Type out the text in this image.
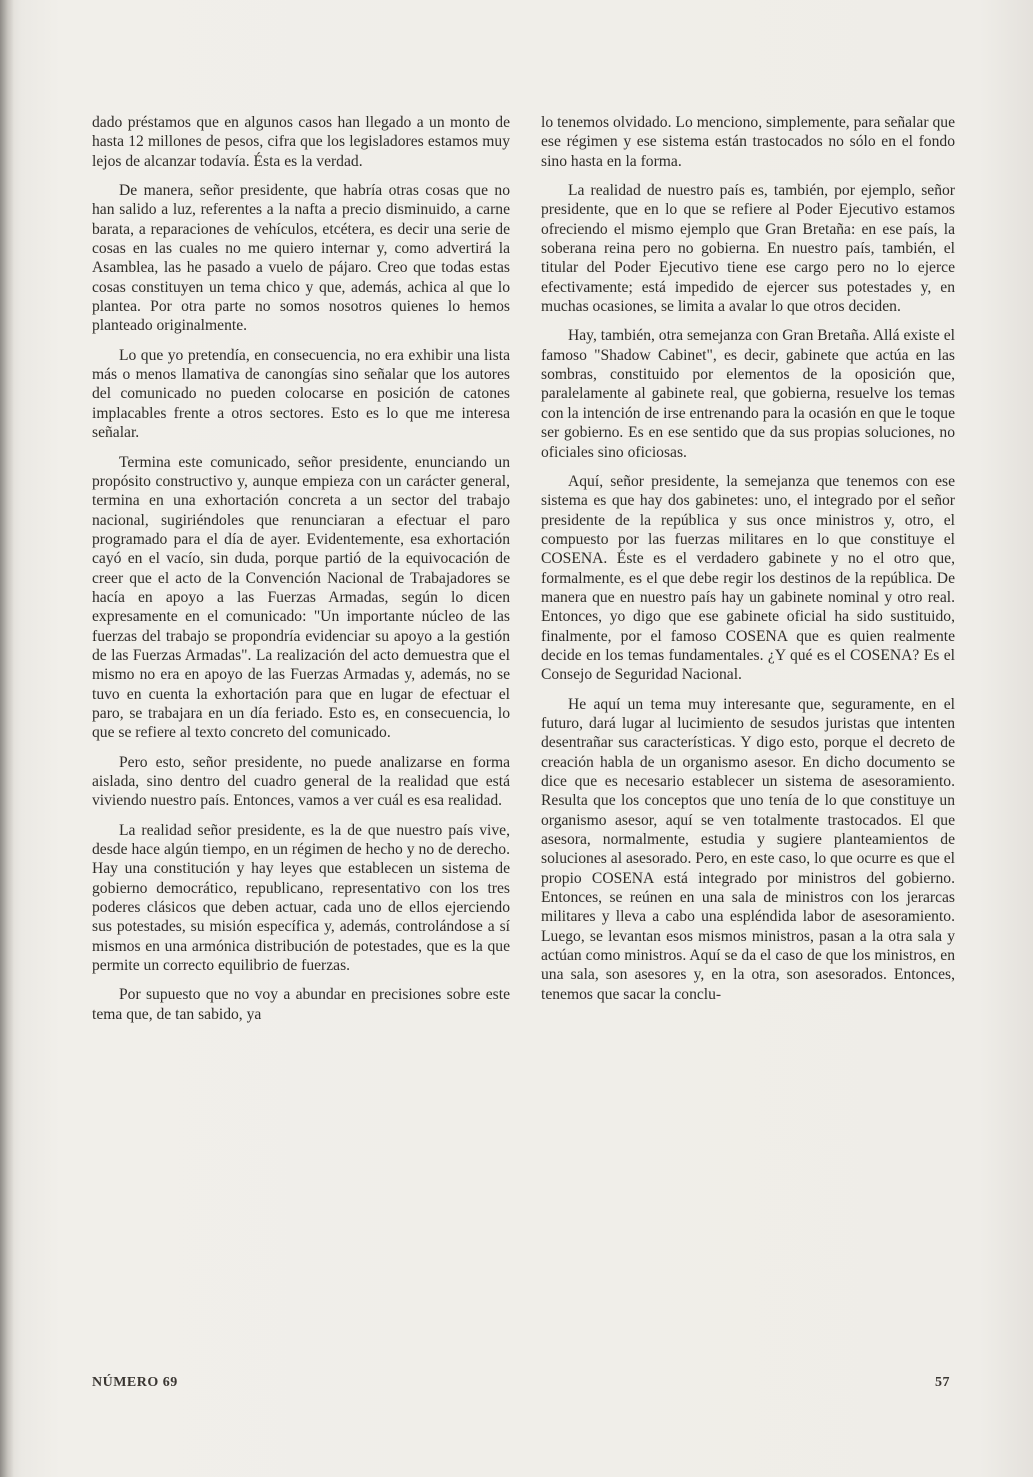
dado préstamos que en algunos casos han llegado a un monto de hasta 12 millones de pesos, cifra que los legisladores estamos muy lejos de alcanzar todavía. Ésta es la verdad.

De manera, señor presidente, que habría otras cosas que no han salido a luz, referentes a la nafta a precio disminuido, a carne barata, a reparaciones de vehículos, etcétera, es decir una serie de cosas en las cuales no me quiero internar y, como advertirá la Asamblea, las he pasado a vuelo de pájaro. Creo que todas estas cosas constituyen un tema chico y que, además, achica al que lo plantea. Por otra parte no somos nosotros quienes lo hemos planteado originalmente.

Lo que yo pretendía, en consecuencia, no era exhibir una lista más o menos llamativa de canongías sino señalar que los autores del comunicado no pueden colocarse en posición de catones implacables frente a otros sectores. Esto es lo que me interesa señalar.

Termina este comunicado, señor presidente, enunciando un propósito constructivo y, aunque empieza con un carácter general, termina en una exhortación concreta a un sector del trabajo nacional, sugiriéndoles que renunciaran a efectuar el paro programado para el día de ayer. Evidentemente, esa exhortación cayó en el vacío, sin duda, porque partió de la equivocación de creer que el acto de la Convención Nacional de Trabajadores se hacía en apoyo a las Fuerzas Armadas, según lo dicen expresamente en el comunicado: "Un importante núcleo de las fuerzas del trabajo se propondría evidenciar su apoyo a la gestión de las Fuerzas Armadas". La realización del acto demuestra que el mismo no era en apoyo de las Fuerzas Armadas y, además, no se tuvo en cuenta la exhortación para que en lugar de efectuar el paro, se trabajara en un día feriado. Esto es, en consecuencia, lo que se refiere al texto concreto del comunicado.

Pero esto, señor presidente, no puede analizarse en forma aislada, sino dentro del cuadro general de la realidad que está viviendo nuestro país. Entonces, vamos a ver cuál es esa realidad.

La realidad señor presidente, es la de que nuestro país vive, desde hace algún tiempo, en un régimen de hecho y no de derecho. Hay una constitución y hay leyes que establecen un sistema de gobierno democrático, republicano, representativo con los tres poderes clásicos que deben actuar, cada uno de ellos ejerciendo sus potestades, su misión específica y, además, controlándose a sí mismos en una armónica distribución de potestades, que es la que permite un correcto equilibrio de fuerzas.

Por supuesto que no voy a abundar en precisiones sobre este tema que, de tan sabido, ya

lo tenemos olvidado. Lo menciono, simplemente, para señalar que ese régimen y ese sistema están trastocados no sólo en el fondo sino hasta en la forma.

La realidad de nuestro país es, también, por ejemplo, señor presidente, que en lo que se refiere al Poder Ejecutivo estamos ofreciendo el mismo ejemplo que Gran Bretaña: en ese país, la soberana reina pero no gobierna. En nuestro país, también, el titular del Poder Ejecutivo tiene ese cargo pero no lo ejerce efectivamente; está impedido de ejercer sus potestades y, en muchas ocasiones, se limita a avalar lo que otros deciden.

Hay, también, otra semejanza con Gran Bretaña. Allá existe el famoso "Shadow Cabinet", es decir, gabinete que actúa en las sombras, constituido por elementos de la oposición que, paralelamente al gabinete real, que gobierna, resuelve los temas con la intención de irse entrenando para la ocasión en que le toque ser gobierno. Es en ese sentido que da sus propias soluciones, no oficiales sino oficiosas.

Aquí, señor presidente, la semejanza que tenemos con ese sistema es que hay dos gabinetes: uno, el integrado por el señor presidente de la república y sus once ministros y, otro, el compuesto por las fuerzas militares en lo que constituye el COSENA. Éste es el verdadero gabinete y no el otro que, formalmente, es el que debe regir los destinos de la república. De manera que en nuestro país hay un gabinete nominal y otro real. Entonces, yo digo que ese gabinete oficial ha sido sustituido, finalmente, por el famoso COSENA que es quien realmente decide en los temas fundamentales. ¿Y qué es el COSENA? Es el Consejo de Seguridad Nacional.

He aquí un tema muy interesante que, seguramente, en el futuro, dará lugar al lucimiento de sesudos juristas que intenten desentrañar sus características. Y digo esto, porque el decreto de creación habla de un organismo asesor. En dicho documento se dice que es necesario establecer un sistema de asesoramiento. Resulta que los conceptos que uno tenía de lo que constituye un organismo asesor, aquí se ven totalmente trastocados. El que asesora, normalmente, estudia y sugiere planteamientos de soluciones al asesorado. Pero, en este caso, lo que ocurre es que el propio COSENA está integrado por ministros del gobierno. Entonces, se reúnen en una sala de ministros con los jerarcas militares y lleva a cabo una espléndida labor de asesoramiento. Luego, se levantan esos mismos ministros, pasan a la otra sala y actúan como ministros. Aquí se da el caso de que los ministros, en una sala, son asesores y, en la otra, son asesorados. Entonces, tenemos que sacar la conclu-

NÚMERO 69	57
